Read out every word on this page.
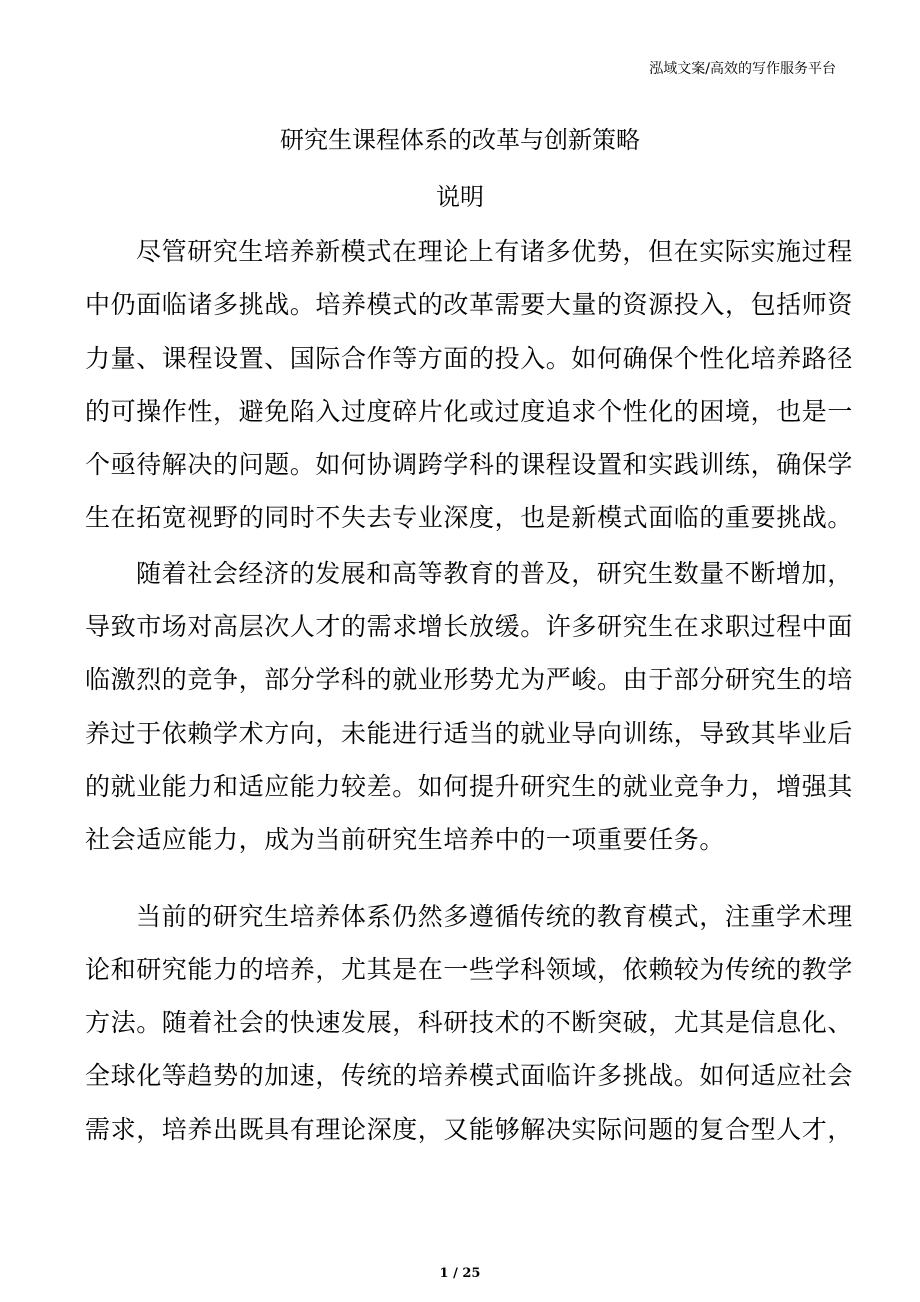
泓域文案/高效的写作服务平台
研究生课程体系的改革与创新策略
说明
尽管研究生培养新模式在理论上有诸多优势，但在实际实施过程
中仍面临诸多挑战。培养模式的改革需要大量的资源投入，包括师资
力量、课程设置、国际合作等方面的投入。如何确保个性化培养路径
的可操作性，避免陷入过度碎片化或过度追求个性化的困境，也是一
个亟待解决的问题。如何协调跨学科的课程设置和实践训练，确保学
生在拓宽视野的同时不失去专业深度，也是新模式面临的重要挑战。
随着社会经济的发展和高等教育的普及，研究生数量不断增加，
导致市场对高层次人才的需求增长放缓。许多研究生在求职过程中面
临激烈的竞争，部分学科的就业形势尤为严峻。由于部分研究生的培
养过于依赖学术方向，未能进行适当的就业导向训练，导致其毕业后
的就业能力和适应能力较差。如何提升研究生的就业竞争力，增强其
社会适应能力，成为当前研究生培养中的一项重要任务。
当前的研究生培养体系仍然多遵循传统的教育模式，注重学术理
论和研究能力的培养，尤其是在一些学科领域，依赖较为传统的教学
方法。随着社会的快速发展，科研技术的不断突破，尤其是信息化、
全球化等趋势的加速，传统的培养模式面临许多挑战。如何适应社会
需求，培养出既具有理论深度，又能够解决实际问题的复合型人才，
1 / 25
